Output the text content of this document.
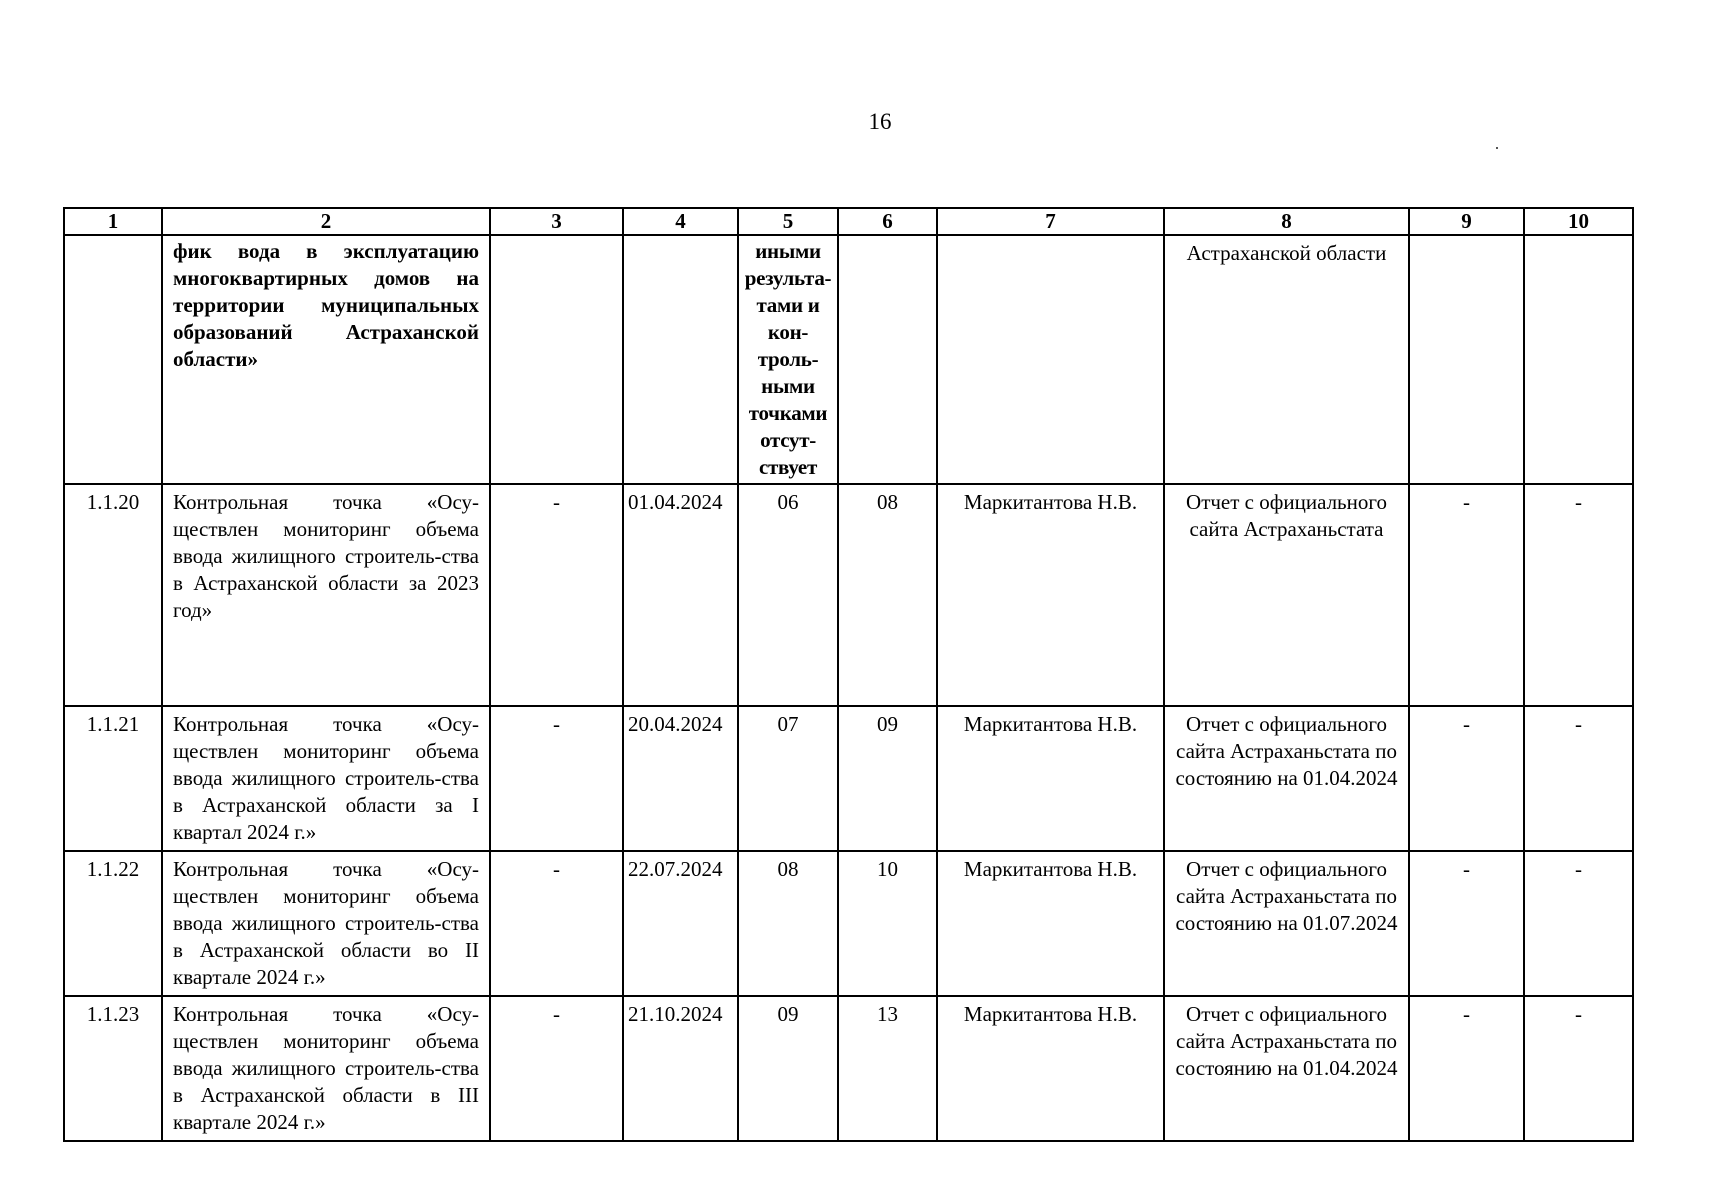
16
1	2	3	4	5	6	7	8	9	10
	фик вода в эксплуатацию многоквартирных домов на территории муниципальных образований Астраханской области»			иными результа-тами и кон-троль-ными точками отсут-ствует			Астраханской области		
1.1.20	Контрольная точка «Осу-ществлен мониторинг объема ввода жилищного строитель-ства в Астраханской области за 2023 год»	-	01.04.2024	06	08	Маркитантова Н.В.	Отчет с официального сайта Астраханьстата	-	-
1.1.21	Контрольная точка «Осу-ществлен мониторинг объема ввода жилищного строитель-ства в Астраханской области за I квартал 2024 г.»	-	20.04.2024	07	09	Маркитантова Н.В.	Отчет с официального сайта Астраханьстата по состоянию на 01.04.2024	-	-
1.1.22	Контрольная точка «Осу-ществлен мониторинг объема ввода жилищного строитель-ства в Астраханской области во II квартале 2024 г.»	-	22.07.2024	08	10	Маркитантова Н.В.	Отчет с официального сайта Астраханьстата по состоянию на 01.07.2024	-	-
1.1.23	Контрольная точка «Осу-ществлен мониторинг объема ввода жилищного строитель-ства в Астраханской области в III квартале 2024 г.»	-	21.10.2024	09	13	Маркитантова Н.В.	Отчет с официального сайта Астраханьстата по состоянию на 01.04.2024	-	-
